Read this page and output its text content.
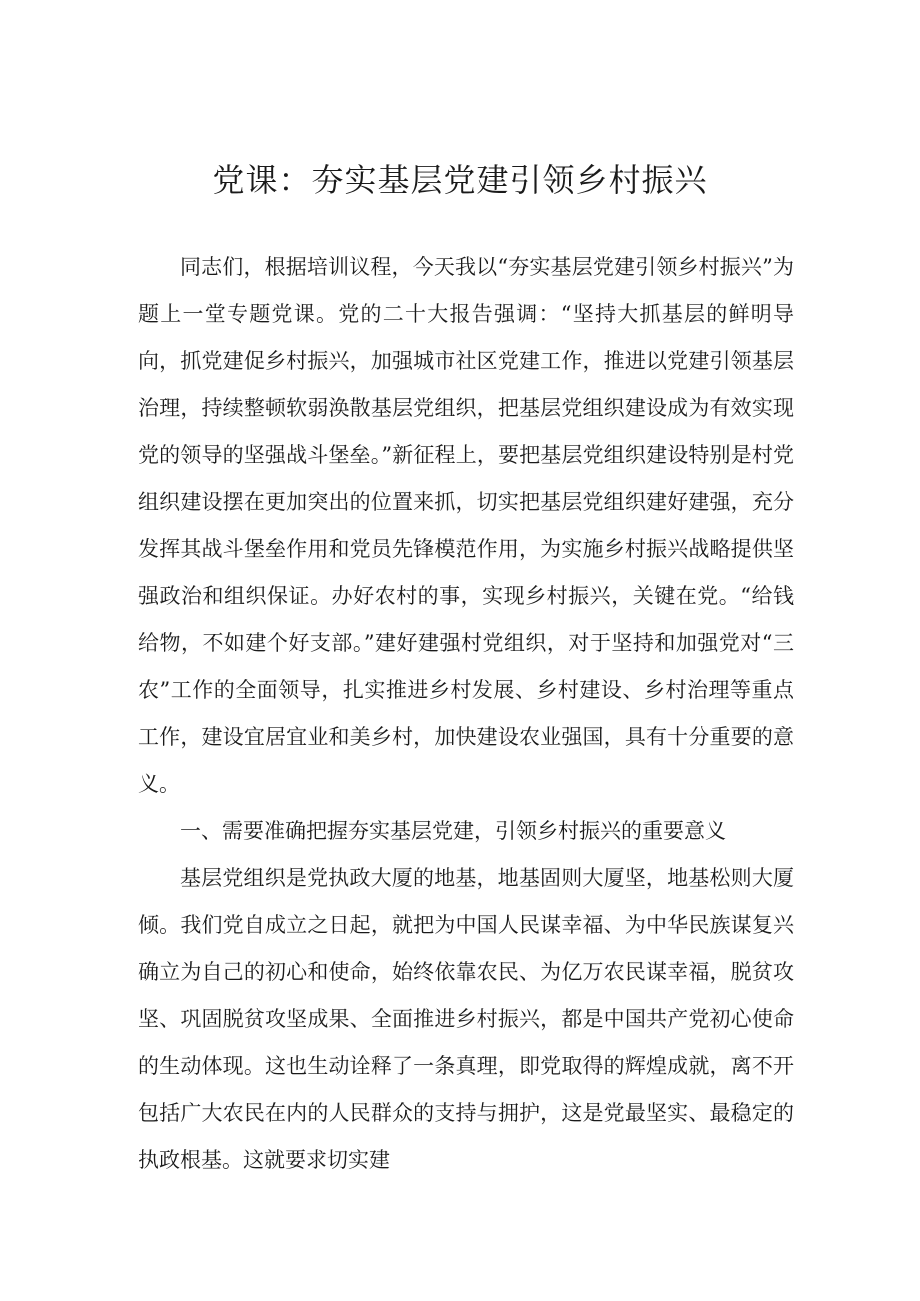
党课：夯实基层党建引领乡村振兴

同志们，根据培训议程，今天我以“夯实基层党建引领乡村振兴”为题上一堂专题党课。党的二十大报告强调：“坚持大抓基层的鲜明导向，抓党建促乡村振兴，加强城市社区党建工作，推进以党建引领基层治理，持续整顿软弱涣散基层党组织，把基层党组织建设成为有效实现党的领导的坚强战斗堡垒。”新征程上，要把基层党组织建设特别是村党组织建设摆在更加突出的位置来抓，切实把基层党组织建好建强，充分发挥其战斗堡垒作用和党员先锋模范作用，为实施乡村振兴战略提供坚强政治和组织保证。办好农村的事，实现乡村振兴，关键在党。“给钱给物，不如建个好支部。”建好建强村党组织，对于坚持和加强党对“三农”工作的全面领导，扎实推进乡村发展、乡村建设、乡村治理等重点工作，建设宜居宜业和美乡村，加快建设农业强国，具有十分重要的意义。

一、需要准确把握夯实基层党建，引领乡村振兴的重要意义

基层党组织是党执政大厦的地基，地基固则大厦坚，地基松则大厦倾。我们党自成立之日起，就把为中国人民谋幸福、为中华民族谋复兴确立为自己的初心和使命，始终依靠农民、为亿万农民谋幸福，脱贫攻坚、巩固脱贫攻坚成果、全面推进乡村振兴，都是中国共产党初心使命的生动体现。这也生动诠释了一条真理，即党取得的辉煌成就，离不开包括广大农民在内的人民群众的支持与拥护，这是党最坚实、最稳定的执政根基。这就要求切实建
